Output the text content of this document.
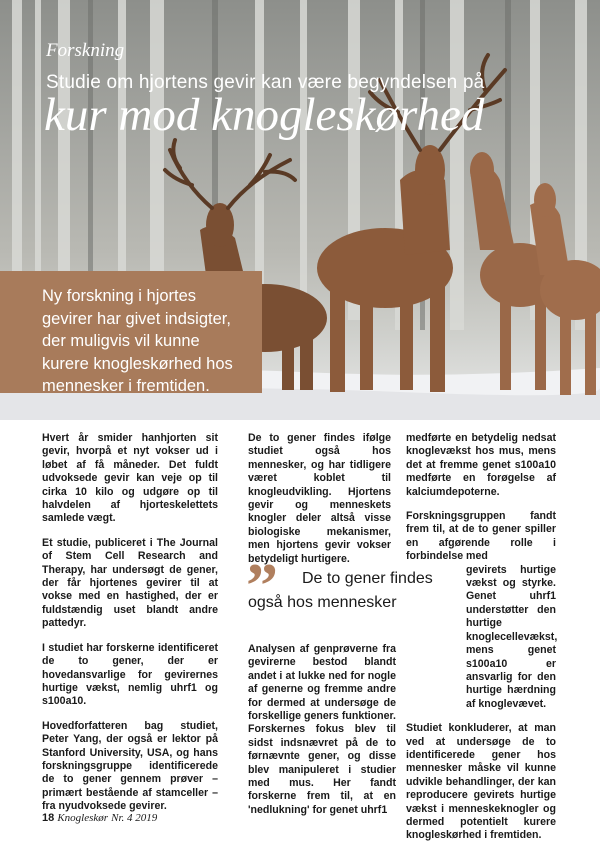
Forskning
Studie om hjortens gevir kan være begyndelsen på
kur mod knogleskørhed
Ny forskning i hjortes gevirer har givet indsigter, der muligvis vil kunne kurere knogleskørhed hos mennesker i fremtiden.

Hvert år smider hanhjorten sit gevir, hvorpå et nyt vokser ud i løbet af få måneder. Det fuldt udvoksede gevir kan veje op til cirka 10 kilo og udgøre op til halvdelen af hjorteskelettets samlede vægt.

Et studie, publiceret i The Journal of Stem Cell Research and Therapy, har undersøgt de gener, der får hjortenes gevirer til at vokse med en hastighed, der er fuldstændig uset blandt andre pattedyr.

I studiet har forskerne identificeret de to gener, der er hovedansvarlige for gevirernes hurtige vækst, nemlig uhrf1 og s100a10.

Hovedforfatteren bag studiet, Peter Yang, der også er lektor på Stanford University, USA, og hans forskningsgruppe identificerede de to gener gennem prøver – primært bestående af stamceller – fra nyudvoksede gevirer.

De to gener findes ifølge studiet også hos mennesker, og har tidligere været koblet til knogleudvikling. Hjortens gevir og menneskets knogler deler altså visse biologiske mekanismer, men hjortens gevir vokser betydeligt hurtigere.

” De to gener findes
også hos mennesker

Analysen af genprøverne fra gevirerne bestod blandt andet i at lukke ned for nogle af generne og fremme andre for dermed at undersøge de forskellige geners funktioner. Forskernes fokus blev til sidst indsnævret på de to førnævnte gener, og disse blev manipuleret i studier med mus. Her fandt forskerne frem til, at en 'nedlukning' for genet uhrf1

medførte en betydelig nedsat knoglevækst hos mus, mens det at fremme genet s100a10 medførte en forøgelse af kalciumdepoterne.

Forskningsgruppen fandt frem til, at de to gener spiller en afgørende rolle i forbindelse med

gevirets hurtige vækst og styrke. Genet uhrf1 understøtter den hurtige knoglecellevækst, mens genet s100a10 er ansvarlig for den hurtige hærdning af knoglevævet.

Studiet konkluderer, at man ved at undersøge de to identificerede gener hos mennesker måske vil kunne udvikle behandlinger, der kan reproducere gevirets hurtige vækst i menneskeknogler og dermed potentielt kurere knogleskørhed i fremtiden.

18 Knogleskør Nr. 4 2019
